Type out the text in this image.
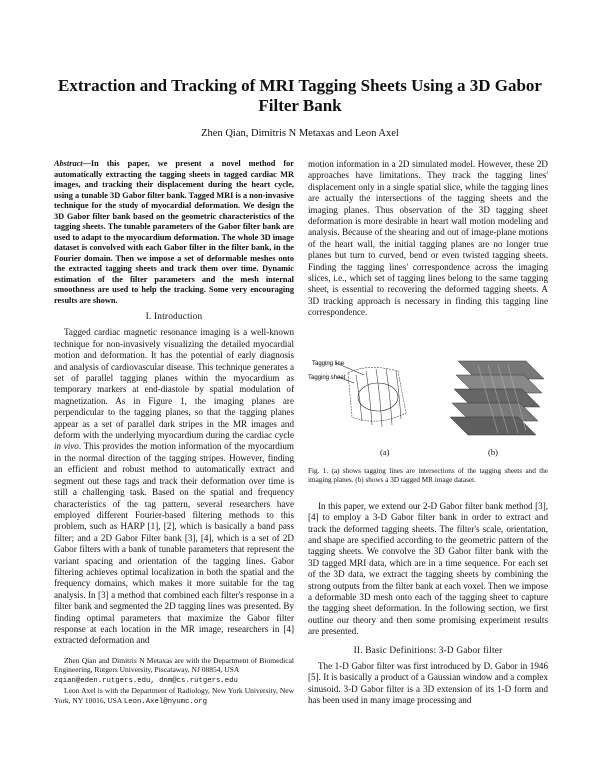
Extraction and Tracking of MRI Tagging Sheets Using a 3D Gabor Filter Bank
Zhen Qian, Dimitris N Metaxas and Leon Axel
Abstract—In this paper, we present a novel method for automatically extracting the tagging sheets in tagged cardiac MR images, and tracking their displacement during the heart cycle, using a tunable 3D Gabor filter bank. Tagged MRI is a non-invasive technique for the study of myocardial deformation. We design the 3D Gabor filter bank based on the geometric characteristics of the tagging sheets. The tunable parameters of the Gabor filter bank are used to adapt to the myocardium deformation. The whole 3D image dataset is convolved with each Gabor filter in the filter bank, in the Fourier domain. Then we impose a set of deformable meshes onto the extracted tagging sheets and track them over time. Dynamic estimation of the filter parameters and the mesh internal smoothness are used to help the tracking. Some very encouraging results are shown.
I. Introduction

Tagged cardiac magnetic resonance imaging is a well-known technique for non-invasively visualizing the detailed myocardial motion and deformation. It has the potential of early diagnosis and analysis of cardiovascular disease. This technique generates a set of parallel tagging planes within the myocardium as temporary markers at end-diastole by spatial modulation of magnetization. As in Figure 1, the imaging planes are perpendicular to the tagging planes, so that the tagging planes appear as a set of parallel dark stripes in the MR images and deform with the underlying myocardium during the cardiac cycle in vivo. This provides the motion information of the myocardium in the normal direction of the tagging stripes. However, finding an efficient and robust method to automatically extract and segment out these tags and track their deformation over time is still a challenging task. Based on the spatial and frequency characteristics of the tag pattern, several researchers have employed different Fourier-based filtering methods to this problem, such as HARP [1], [2], which is basically a band pass filter; and a 2D Gabor Filter bank [3], [4], which is a set of 2D Gabor filters with a bank of tunable parameters that represent the variant spacing and orientation of the tagging lines. Gabor filtering achieves optimal localization in both the spatial and the frequency domains, which makes it more suitable for the tag analysis. In [3] a method that combined each filter's response in a filter bank and segmented the 2D tagging lines was presented. By finding optimal parameters that maximize the Gabor filter response at each location in the MR image, researchers in [4] extracted deformation and

Zhen Qian and Dimitris N Metaxas are with the Department of Biomedical Engineering, Rutgers University, Piscataway, NJ 08854, USA
zqian@eden.rutgers.edu, dnm@cs.rutgers.edu

Leon Axel is with the Department of Radiology, New York University, New York, NY 10016, USA Leon.Axel@nyumc.org

motion information in a 2D simulated model. However, these 2D approaches have limitations. They track the tagging lines' displacement only in a single spatial slice, while the tagging lines are actually the intersections of the tagging sheets and the imaging planes. Thus observation of the 3D tagging sheet deformation is more desirable in heart wall motion modeling and analysis. Because of the shearing and out of image-plane motions of the heart wall, the initial tagging planes are no longer true planes but turn to curved, bend or even twisted tagging sheets. Finding the tagging lines' correspondence across the imaging slices, i.e., which set of tagging lines belong to the same tagging sheet, is essential to recovering the deformed tagging sheets. A 3D tracking approach is necessary in finding this tagging line correspondence.
Tagging line
Tagging sheet
(a)	(b)
Fig. 1. (a) shows tagging lines are intersections of the tagging sheets and the imaging planes. (b) shows a 3D tagged MR image dataset.

In this paper, we extend our 2-D Gabor filter bank method [3], [4] to employ a 3-D Gabor filter bank in order to extract and track the deformed tagging sheets. The filter's scale, orientation, and shape are specified according to the geometric pattern of the tagging sheets. We convolve the 3D Gabor filter bank with the 3D tagged MRI data, which are in a time sequence. For each set of the 3D data, we extract the tagging sheets by combining the strong outputs from the filter bank at each voxel. Then we impose a deformable 3D mesh onto each of the tagging sheet to capture the tagging sheet deformation. In the following section, we first outline our theory and then some promising experiment results are presented.

II. Basic Definitions: 3-D Gabor filter

The 1-D Gabor filter was first introduced by D. Gabor in 1946 [5]. It is basically a product of a Gaussian window and a complex sinusoid. 3-D Gabor filter is a 3D extension of its 1-D form and has been used in many image processing and
